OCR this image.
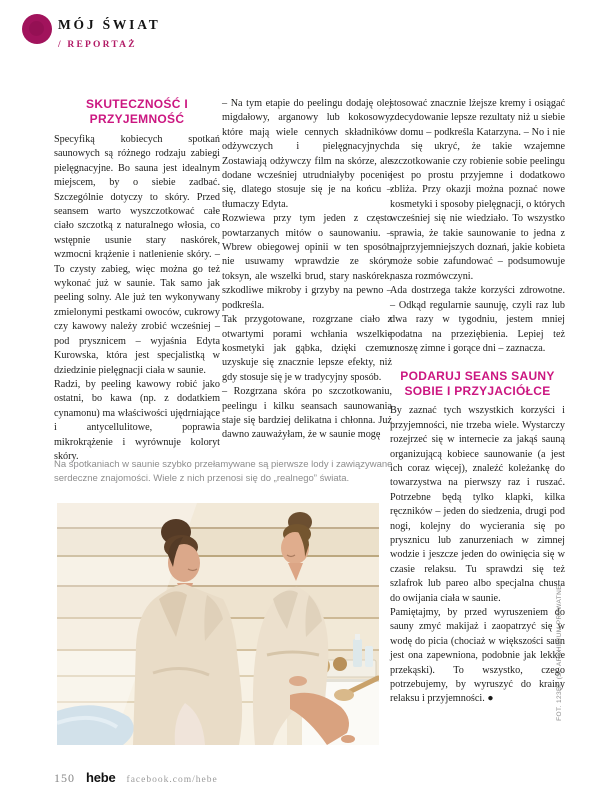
MÓJ ŚWIAT
/ REPORTAŻ
SKUTECZNOŚĆ I PRZYJEMNOŚĆ

Specyfiką kobiecych spotkań saunowych są różnego rodzaju zabiegi pielęgnacyjne. Bo sauna jest idealnym miejscem, by o siebie zadbać. Szczególnie dotyczy to skóry. Przed seansem warto wyszczotkować całe ciało szczotką z naturalnego włosia, co wstępnie usunie stary naskórek, wzmocni krążenie i natlenienie skóry. – To czysty zabieg, więc można go też wykonać już w saunie. Tak samo jak peeling solny. Ale już ten wykonywany zmielonymi pestkami owoców, cukrowy czy kawowy należy zrobić wcześniej – pod prysznicem – wyjaśnia Edyta Kurowska, która jest specjalistką w dziedzinie pielęgnacji ciała w saunie.

Radzi, by peeling kawowy robić jako ostatni, bo kawa (np. z dodatkiem cynamonu) ma właściwości ujędrniające i antycellulitowe, poprawia mikrokrążenie i wyrównuje koloryt skóry.

– Na tym etapie do peelingu dodaję olej migdałowy, arganowy lub kokosowy, które mają wiele cennych składników odżywczych i pielęgnacyjnych. Zostawiają odżywczy film na skórze, ale dodane wcześniej utrudniałyby pocenie się, dlatego stosuje się je na końcu – tłumaczy Edyta.

Rozwiewa przy tym jeden z często powtarzanych mitów o saunowaniu. – Wbrew obiegowej opinii w ten sposób nie usuwamy wprawdzie ze skóry toksyn, ale wszelki brud, stary naskórek, szkodliwe mikroby i grzyby na pewno – podkreśla.

Tak przygotowane, rozgrzane ciało z otwartymi porami wchłania wszelkie kosmetyki jak gąbka, dzięki czemu uzyskuje się znacznie lepsze efekty, niż gdy stosuje się je w tradycyjny sposób.

– Rozgrzana skóra po szczotkowaniu, peelingu i kilku seansach saunowania staje się bardziej delikatna i chłonna. Już dawno zauważyłam, że w saunie mogę

stosować znacznie lżejsze kremy i osiągać zdecydowanie lepsze rezultaty niż u siebie w domu – podkreśla Katarzyna. – No i nie da się ukryć, że takie wzajemne szczotkowanie czy robienie sobie peelingu jest po prostu przyjemne i dodatkowo zbliża. Przy okazji można poznać nowe kosmetyki i sposoby pielęgnacji, o których wcześniej się nie wiedziało. To wszystko sprawia, że takie saunowanie to jedna z najprzyjemniejszych doznań, jakie kobieta może sobie zafundować – podsumowuje nasza rozmówczyni.

Ada dostrzega także korzyści zdrowotne. – Odkąd regularnie saunuję, czyli raz lub dwa razy w tygodniu, jestem mniej podatna na przeziębienia. Lepiej też znoszę zimne i gorące dni – zaznacza.

PODARUJ SEANS SAUNY SOBIE I PRZYJACIÓŁCE

By zaznać tych wszystkich korzyści i przyjemności, nie trzeba wiele. Wystarczy rozejrzeć się w internecie za jakąś sauną organizującą kobiece saunowanie (a jest ich coraz więcej), znaleźć koleżankę do towarzystwa na pierwszy raz i ruszać. Potrzebne będą tylko klapki, kilka ręczników – jeden do siedzenia, drugi pod nogi, kolejny do wycierania się po prysznicu lub zanurzeniach w zimnej wodzie i jeszcze jeden do owinięcia się w czasie relaksu. Tu sprawdzi się też szlafrok lub pareo albo specjalna chusta do owijania ciała w saunie.

Pamiętajmy, by przed wyruszeniem do sauny zmyć makijaż i zaopatrzyć się w wodę do picia (chociaż w większości saun jest ona zapewniona, podobnie jak lekkie przekąski). To wszystko, czego potrzebujemy, by wyruszyć do krainy relaksu i przyjemności. ●

Na spotkaniach w saunie szybko przełamywane są pierwsze lody i zawiązywane serdeczne znajomości. Wiele z nich przenosi się do „realnego” świata.
FOT. 123RF (3), ARCHIWUM PRYWATNE
150 hebe facebook.com/hebe
